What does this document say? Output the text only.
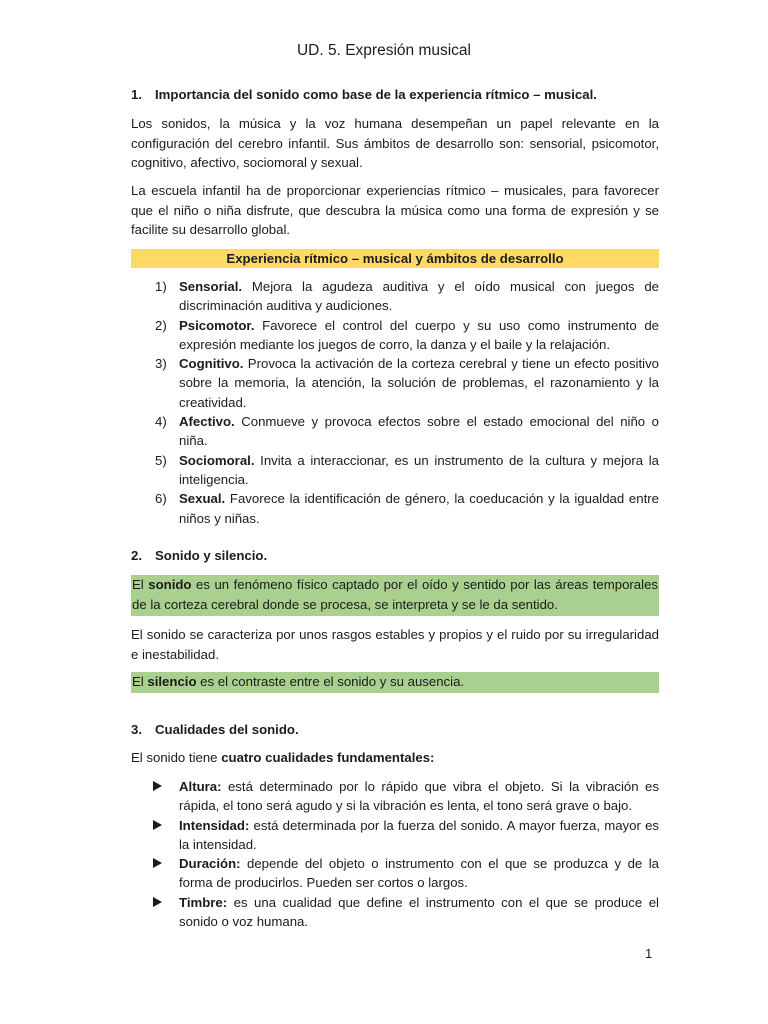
UD. 5. Expresión musical
1. Importancia del sonido como base de la experiencia rítmico – musical.

Los sonidos, la música y la voz humana desempeñan un papel relevante en la configuración del cerebro infantil. Sus ámbitos de desarrollo son: sensorial, psicomotor, cognitivo, afectivo, sociomoral y sexual.

La escuela infantil ha de proporcionar experiencias rítmico – musicales, para favorecer que el niño o niña disfrute, que descubra la música como una forma de expresión y se facilite su desarrollo global.

Experiencia rítmico – musical y ámbitos de desarrollo
1) Sensorial. Mejora la agudeza auditiva y el oído musical con juegos de discriminación auditiva y audiciones.
2) Psicomotor. Favorece el control del cuerpo y su uso como instrumento de expresión mediante los juegos de corro, la danza y el baile y la relajación.
3) Cognitivo. Provoca la activación de la corteza cerebral y tiene un efecto positivo sobre la memoria, la atención, la solución de problemas, el razonamiento y la creatividad.
4) Afectivo. Conmueve y provoca efectos sobre el estado emocional del niño o niña.
5) Sociomoral. Invita a interaccionar, es un instrumento de la cultura y mejora la inteligencia.
6) Sexual. Favorece la identificación de género, la coeducación y la igualdad entre niños y niñas.
2. Sonido y silencio.
El sonido es un fenómeno físico captado por el oído y sentido por las áreas temporales de la corteza cerebral donde se procesa, se interpreta y se le da sentido.

El sonido se caracteriza por unos rasgos estables y propios y el ruido por su irregularidad e inestabilidad.

El silencio es el contraste entre el sonido y su ausencia.
3. Cualidades del sonido.

El sonido tiene cuatro cualidades fundamentales:

Altura: está determinado por lo rápido que vibra el objeto. Si la vibración es rápida, el tono será agudo y si la vibración es lenta, el tono será grave o bajo.
Intensidad: está determinada por la fuerza del sonido. A mayor fuerza, mayor es la intensidad.
Duración: depende del objeto o instrumento con el que se produzca y de la forma de producirlos. Pueden ser cortos o largos.
Timbre: es una cualidad que define el instrumento con el que se produce el sonido o voz humana.
1
